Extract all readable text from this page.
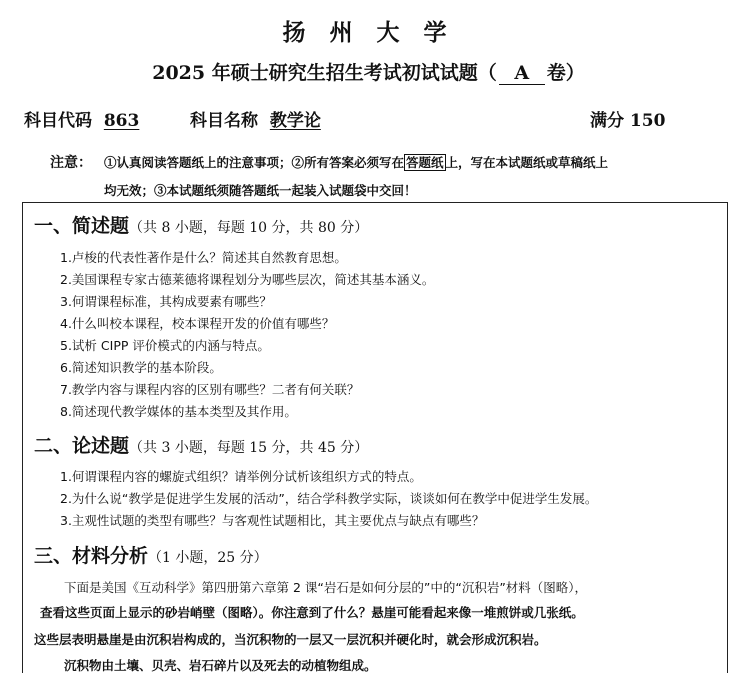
扬 州 大 学
2025 年硕士研究生招生考试初试试题（ A 卷）
科目代码 863	科目名称 教学论	满分 150
注意： ①认真阅读答题纸上的注意事项；②所有答案必须写在 答题纸 上，写在本试题纸或草稿纸上
均无效；③本试题纸须随答题纸一起装入试题袋中交回！
一、简述题（共 8 小题，每题 10 分，共 80 分）
1.卢梭的代表性著作是什么？简述其自然教育思想。
2.美国课程专家古德莱德将课程划分为哪些层次，简述其基本涵义。
3.何谓课程标准，其构成要素有哪些？
4.什么叫校本课程，校本课程开发的价值有哪些？
5.试析 CIPP 评价模式的内涵与特点。
6.简述知识教学的基本阶段。
7.教学内容与课程内容的区别有哪些？二者有何关联？
8.简述现代教学媒体的基本类型及其作用。
二、论述题（共 3 小题，每题 15 分，共 45 分）
1.何谓课程内容的螺旋式组织？请举例分试析该组织方式的特点。
2.为什么说“教学是促进学生发展的活动”，结合学科教学实际，谈谈如何在教学中促进学生发展。
3.主观性试题的类型有哪些？与客观性试题相比，其主要优点与缺点有哪些？
三、材料分析（1 小题，25 分）
下面是美国《互动科学》第四册第六章第 2 课“岩石是如何分层的”中的“沉积岩”材料（图略），
查看这些页面上显示的砂岩峭壁（图略）。你注意到了什么？悬崖可能看起来像一堆煎饼或几张纸。
这些层表明悬崖是由沉积岩构成的，当沉积物的一层又一层沉积并硬化时，就会形成沉积岩。
沉积物由土壤、贝壳、岩石碎片以及死去的动植物组成。
